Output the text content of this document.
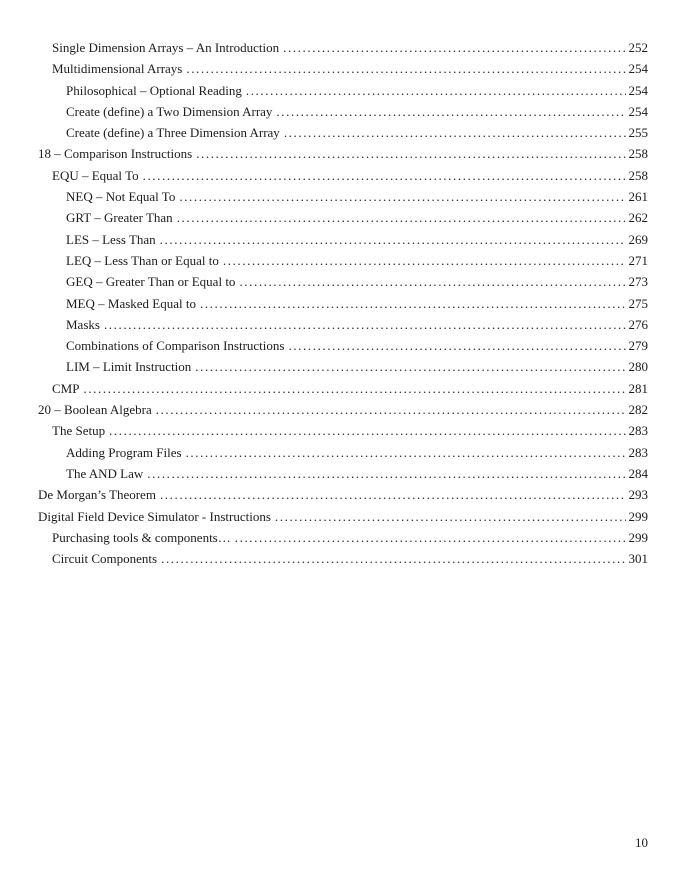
Single Dimension Arrays – An Introduction .....	252
Multidimensional Arrays .....	254
Philosophical – Optional Reading .....	254
Create (define) a Two Dimension Array .....	254
Create (define) a Three Dimension Array .....	255
18 – Comparison Instructions .....	258
EQU – Equal To .....	258
NEQ – Not Equal To .....	261
GRT – Greater Than .....	262
LES – Less Than .....	269
LEQ – Less Than or Equal to .....	271
GEQ – Greater Than or Equal to .....	273
MEQ – Masked Equal to .....	275
Masks .....	276
Combinations of Comparison Instructions .....	279
LIM – Limit Instruction .....	280
CMP .....	281
20 – Boolean Algebra .....	282
The Setup .....	283
Adding Program Files .....	283
The AND Law .....	284
De Morgan’s Theorem .....	293
Digital Field Device Simulator - Instructions .....	299
Purchasing tools & components… .....	299
Circuit Components .....	301
10
